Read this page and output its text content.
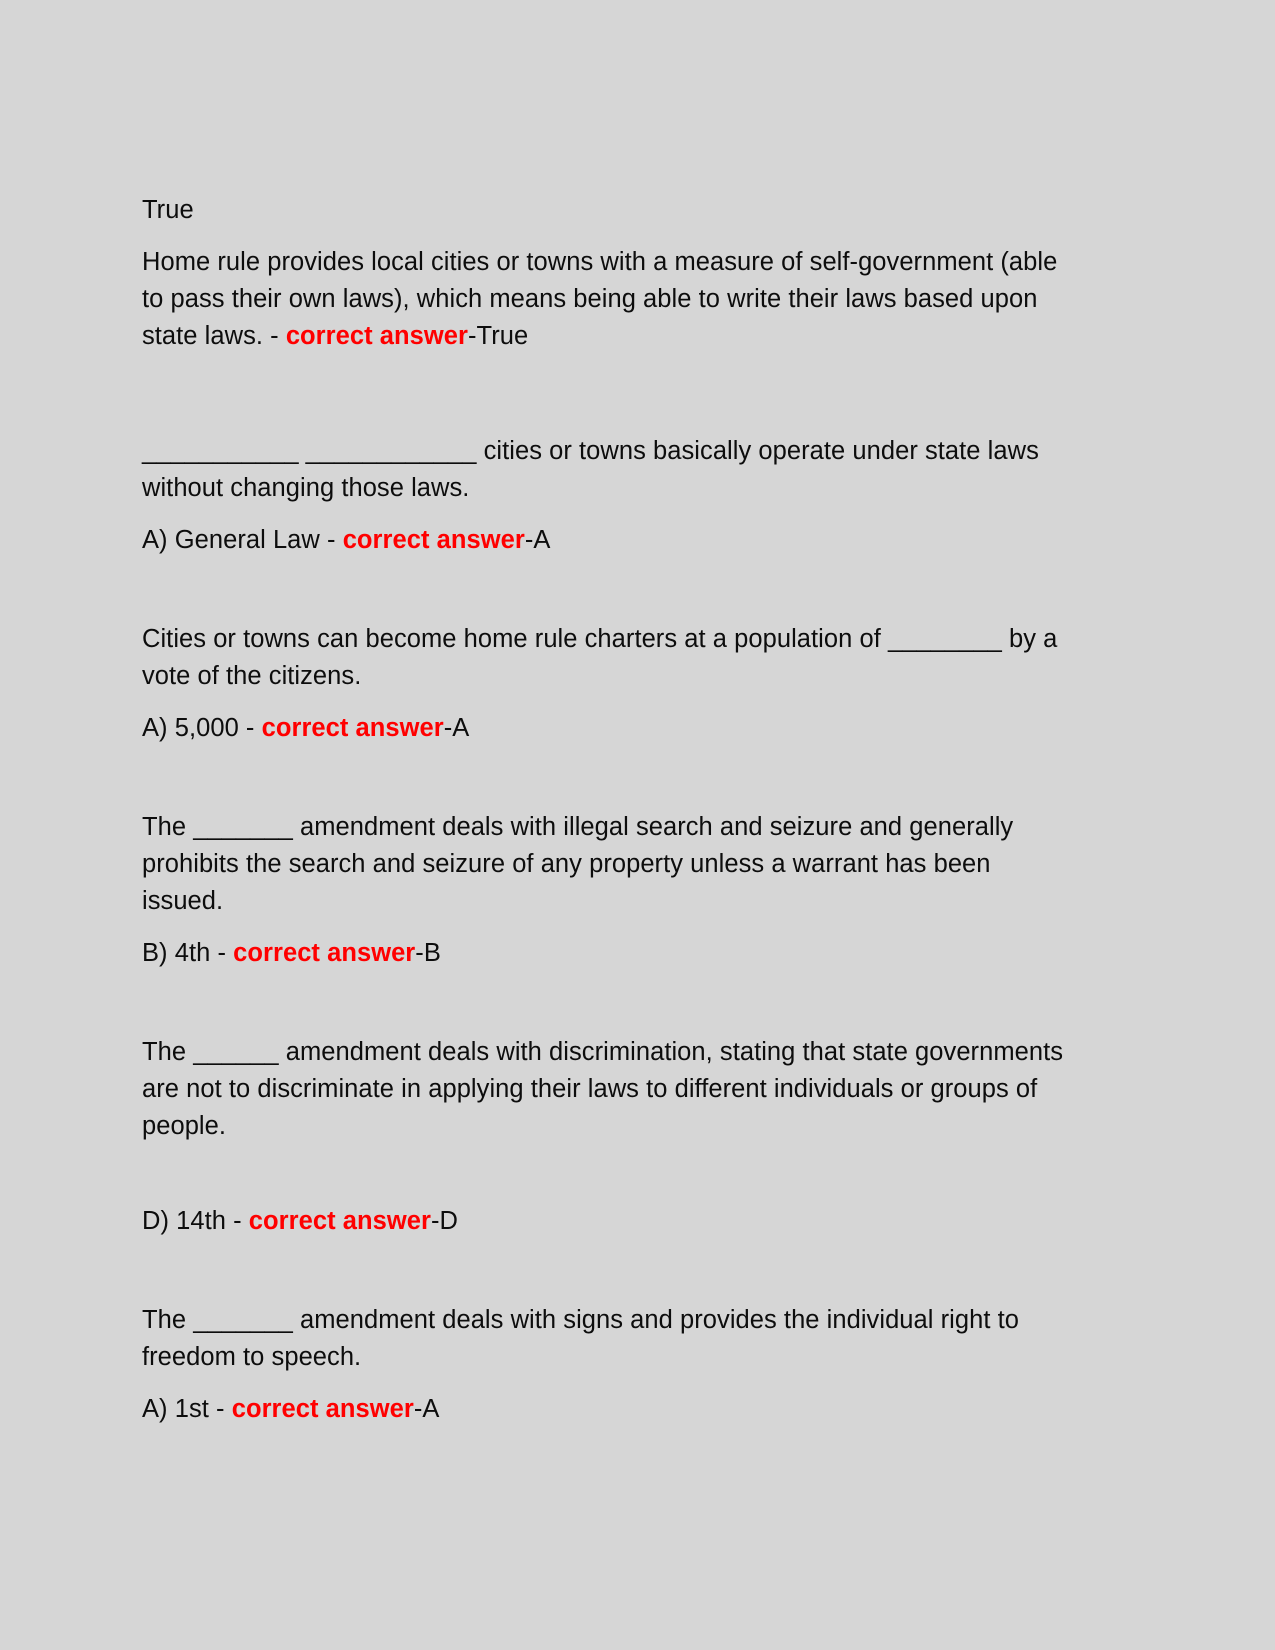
True

Home rule provides local cities or towns with a measure of self-government (able to pass their own laws), which means being able to write their laws based upon state laws. - correct answer-True

___________ ____________ cities or towns basically operate under state laws without changing those laws.

A) General Law - correct answer-A

Cities or towns can become home rule charters at a population of ________ by a vote of the citizens.

A) 5,000 - correct answer-A

The _______ amendment deals with illegal search and seizure and generally prohibits the search and seizure of any property unless a warrant has been issued.

B) 4th - correct answer-B

The ______ amendment deals with discrimination, stating that state governments are not to discriminate in applying their laws to different individuals or groups of people.

D) 14th - correct answer-D

The _______ amendment deals with signs and provides the individual right to freedom to speech.

A) 1st - correct answer-A
